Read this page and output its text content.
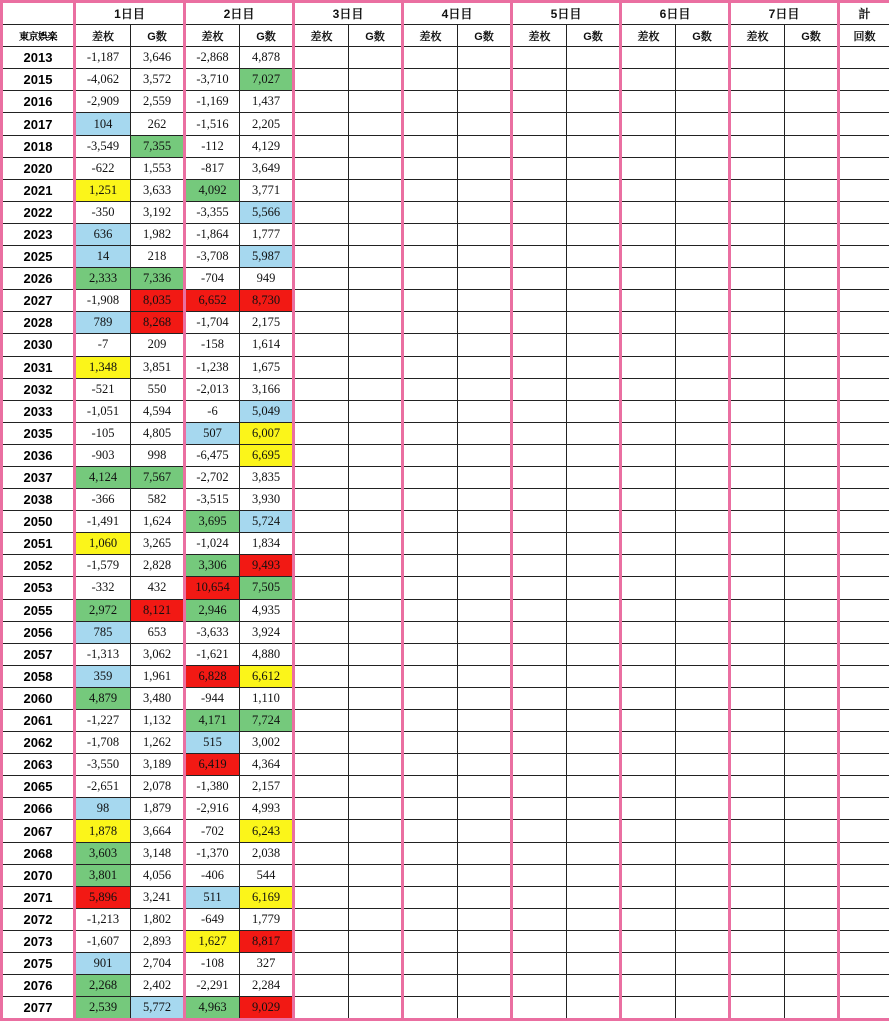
	1日目		2日目		3日目		4日目		5日目		6日目		7日目		計
東京娯楽	差枚	G数	差枚	G数	差枚	G数	差枚	G数	差枚	G数	差枚	G数	差枚	G数	回数
2013	-1,187	3,646	-2,868	4,878											
2015	-4,062	3,572	-3,710	7,027											
2016	-2,909	2,559	-1,169	1,437											
2017	104	262	-1,516	2,205											
2018	-3,549	7,355	-112	4,129											
2020	-622	1,553	-817	3,649											
2021	1,251	3,633	4,092	3,771											
2022	-350	3,192	-3,355	5,566											
2023	636	1,982	-1,864	1,777											
2025	14	218	-3,708	5,987											
2026	2,333	7,336	-704	949											
2027	-1,908	8,035	6,652	8,730											
2028	789	8,268	-1,704	2,175											
2030	-7	209	-158	1,614											
2031	1,348	3,851	-1,238	1,675											
2032	-521	550	-2,013	3,166											
2033	-1,051	4,594	-6	5,049											
2035	-105	4,805	507	6,007											
2036	-903	998	-6,475	6,695											
2037	4,124	7,567	-2,702	3,835											
2038	-366	582	-3,515	3,930											
2050	-1,491	1,624	3,695	5,724											
2051	1,060	3,265	-1,024	1,834											
2052	-1,579	2,828	3,306	9,493											
2053	-332	432	10,654	7,505											
2055	2,972	8,121	2,946	4,935											
2056	785	653	-3,633	3,924											
2057	-1,313	3,062	-1,621	4,880											
2058	359	1,961	6,828	6,612											
2060	4,879	3,480	-944	1,110											
2061	-1,227	1,132	4,171	7,724											
2062	-1,708	1,262	515	3,002											
2063	-3,550	3,189	6,419	4,364											
2065	-2,651	2,078	-1,380	2,157											
2066	98	1,879	-2,916	4,993											
2067	1,878	3,664	-702	6,243											
2068	3,603	3,148	-1,370	2,038											
2070	3,801	4,056	-406	544											
2071	5,896	3,241	511	6,169											
2072	-1,213	1,802	-649	1,779											
2073	-1,607	2,893	1,627	8,817											
2075	901	2,704	-108	327											
2076	2,268	2,402	-2,291	2,284											
2077	2,539	5,772	4,963	9,029											
